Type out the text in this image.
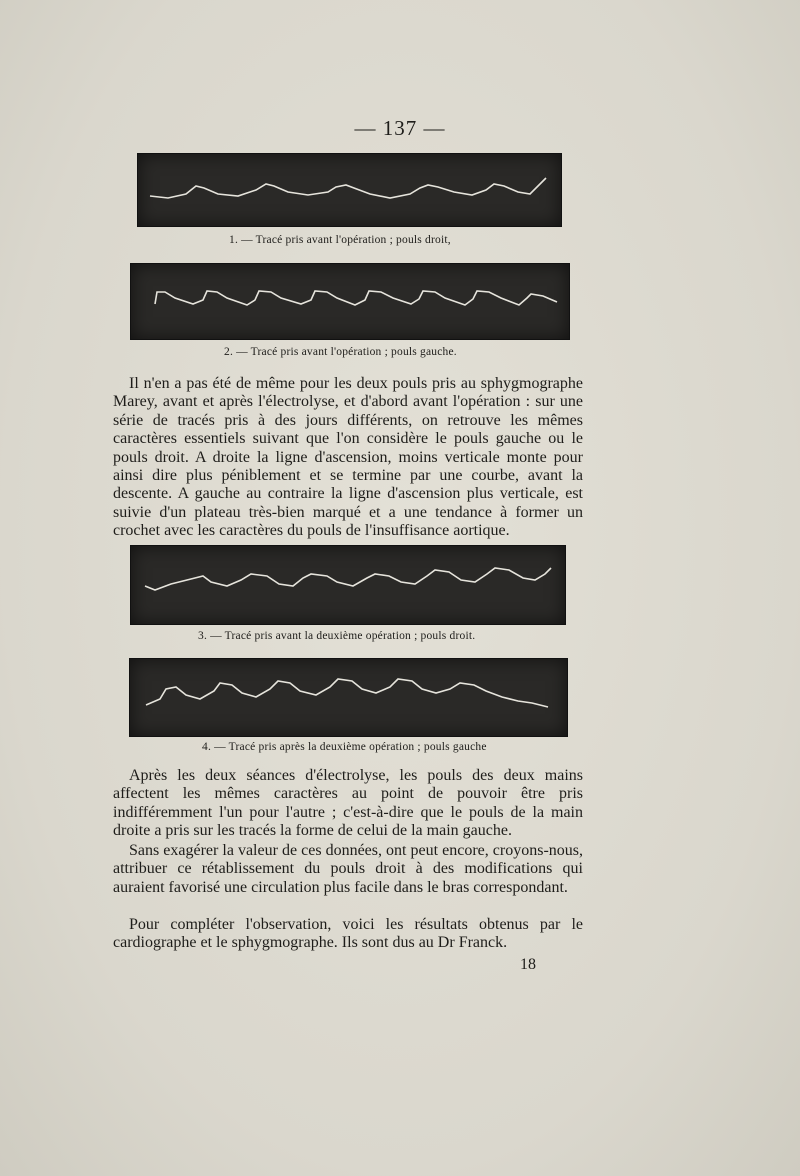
— 137 —
1. — Tracé pris avant l'opération ; pouls droit,
2. — Tracé pris avant l'opération ; pouls gauche.

Il n'en a pas été de même pour les deux pouls pris au sphygmographe Marey, avant et après l'électrolyse, et d'abord avant l'opération : sur une série de tracés pris à des jours différents, on retrouve les mêmes caractères essentiels suivant que l'on considère le pouls gauche ou le pouls droit. A droite la ligne d'ascension, moins verticale monte pour ainsi dire plus péniblement et se termine par une courbe, avant la descente. A gauche au contraire la ligne d'ascension plus verticale, est suivie d'un plateau très-bien marqué et a une tendance à former un crochet avec les caractères du pouls de l'insuffisance aortique.

3. — Tracé pris avant la deuxième opération ; pouls droit.
4. — Tracé pris après la deuxième opération ; pouls gauche

Après les deux séances d'électrolyse, les pouls des deux mains affectent les mêmes caractères au point de pouvoir être pris indifféremment l'un pour l'autre ; c'est-à-dire que le pouls de la main droite a pris sur les tracés la forme de celui de la main gauche.

Sans exagérer la valeur de ces données, ont peut encore, croyons-nous, attribuer ce rétablissement du pouls droit à des modifications qui auraient favorisé une circulation plus facile dans le bras correspondant.

Pour compléter l'observation, voici les résultats obtenus par le cardiographe et le sphygmographe. Ils sont dus au Dr Franck.

18
